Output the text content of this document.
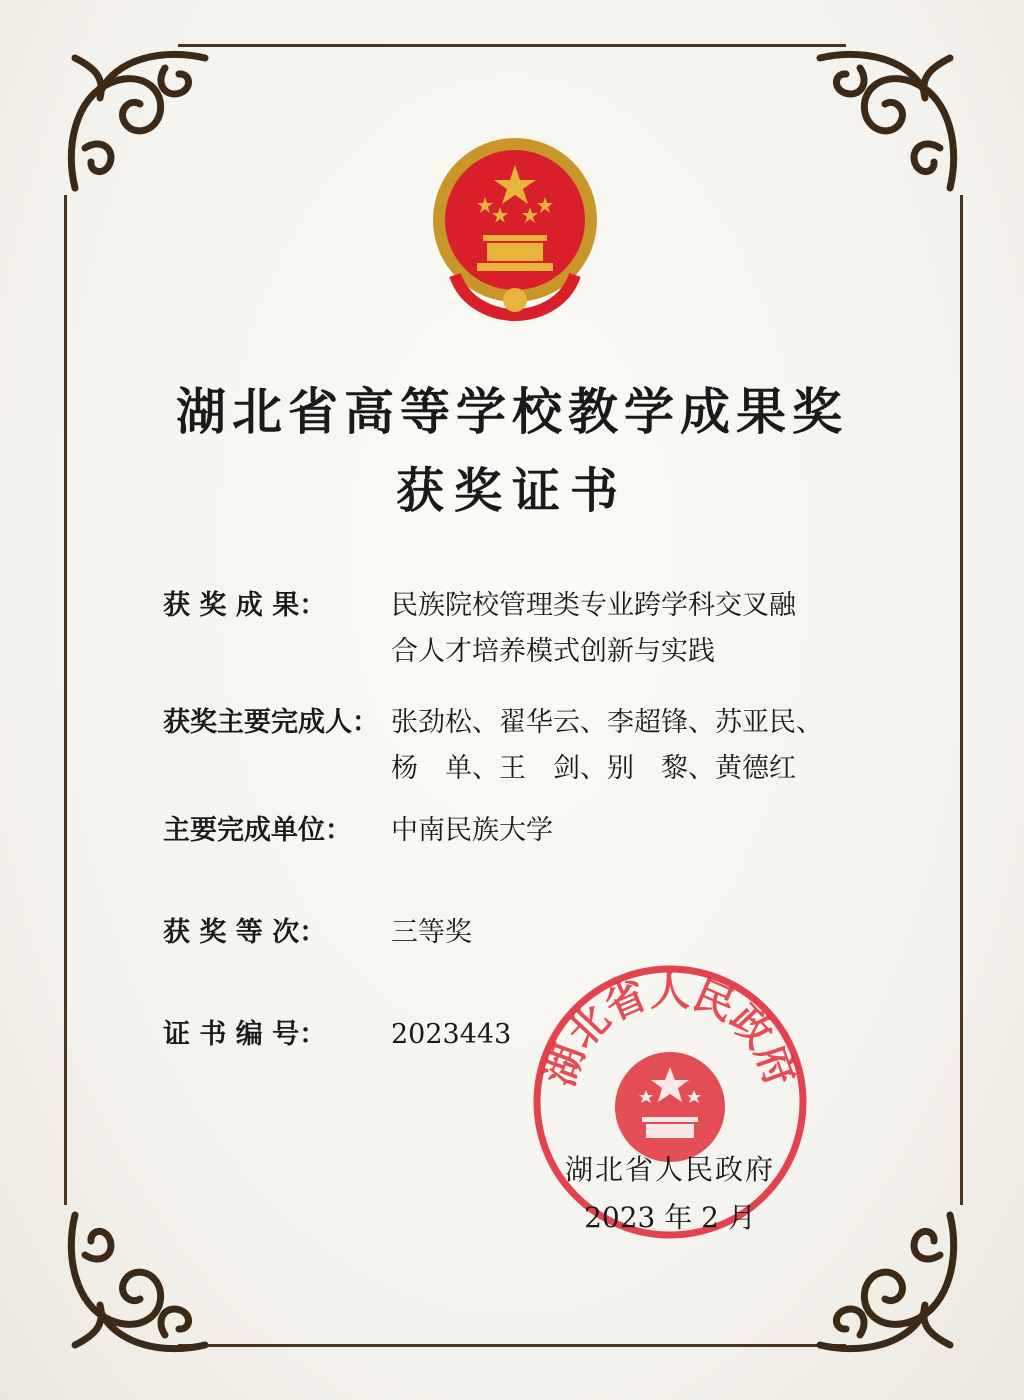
湖北省高等学校教学成果奖
获奖证书
获 奖 成 果： 民族院校管理类专业跨学科交叉融
合人才培养模式创新与实践
获奖主要完成人： 张劲松、翟华云、李超锋、苏亚民、
杨　单、王　剑、别　黎、黄德红
主要完成单位： 中南民族大学
获 奖 等 次： 三等奖
证 书 编 号： 2023443
湖北省人民政府
湖北省人民政府
2023 年 2 月
